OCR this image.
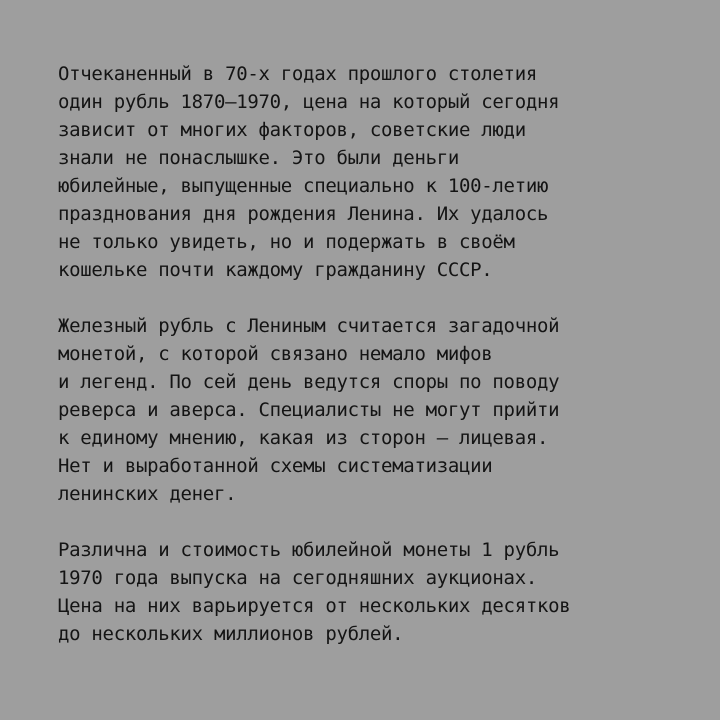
Отчеканенный в 70-х годах прошлого столетия
один рубль 1870–1970, цена на который сегодня
зависит от многих факторов, советские люди
знали не понаслышке. Это были деньги
юбилейные, выпущенные специально к 100-летию
празднования дня рождения Ленина. Их удалось
не только увидеть, но и подержать в своём
кошельке почти каждому гражданину СССР.

Железный рубль с Лениным считается загадочной
монетой, с которой связано немало мифов
и легенд. По сей день ведутся споры по поводу
реверса и аверса. Специалисты не могут прийти
к единому мнению, какая из сторон — лицевая.
Нет и выработанной схемы систематизации
ленинских денег.

Различна и стоимость юбилейной монеты 1 рубль
1970 года выпуска на сегодняшних аукционах.
Цена на них варьируется от нескольких десятков
до нескольких миллионов рублей.
